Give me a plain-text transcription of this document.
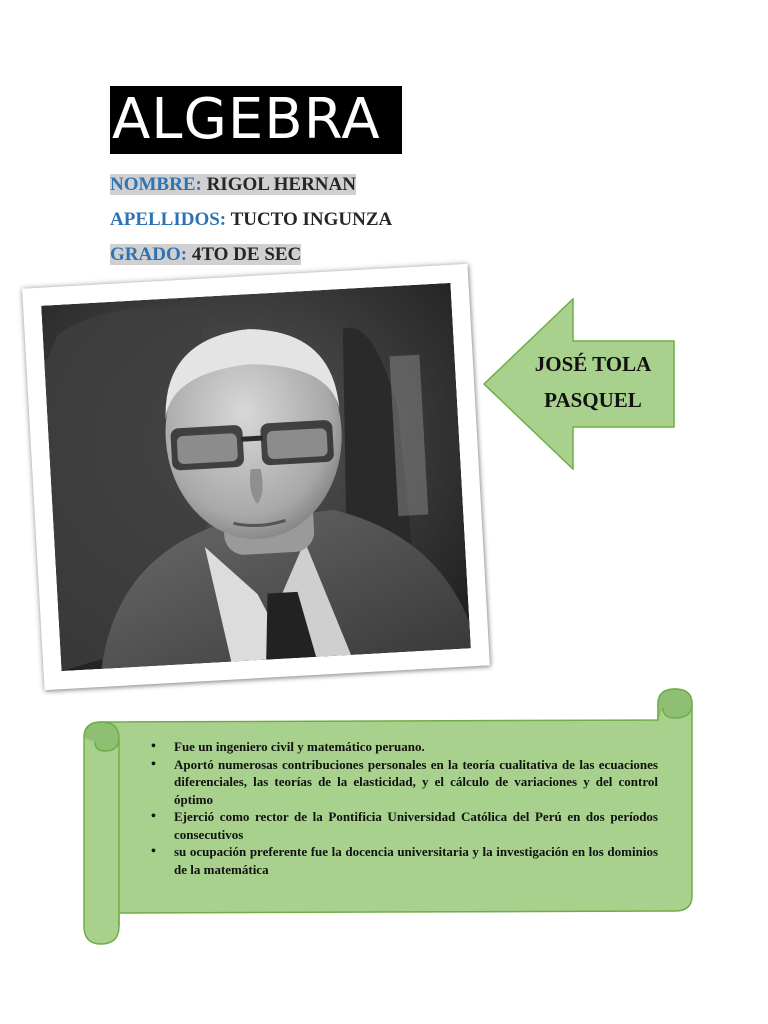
ALGEBRA
NOMBRE: RIGOL HERNAN
APELLIDOS: TUCTO INGUNZA
GRADO: 4TO DE SEC
JOSÉ TOLA
PASQUEL
• Fue un ingeniero civil y matemático peruano.
• Aportó numerosas contribuciones personales en la teoría cualitativa de las ecuaciones diferenciales, las teorías de la elasticidad, y el cálculo de variaciones y del control óptimo
• Ejerció como rector de la Pontificia Universidad Católica del Perú en dos períodos consecutivos
• su ocupación preferente fue la docencia universitaria y la investigación en los dominios de la matemática
